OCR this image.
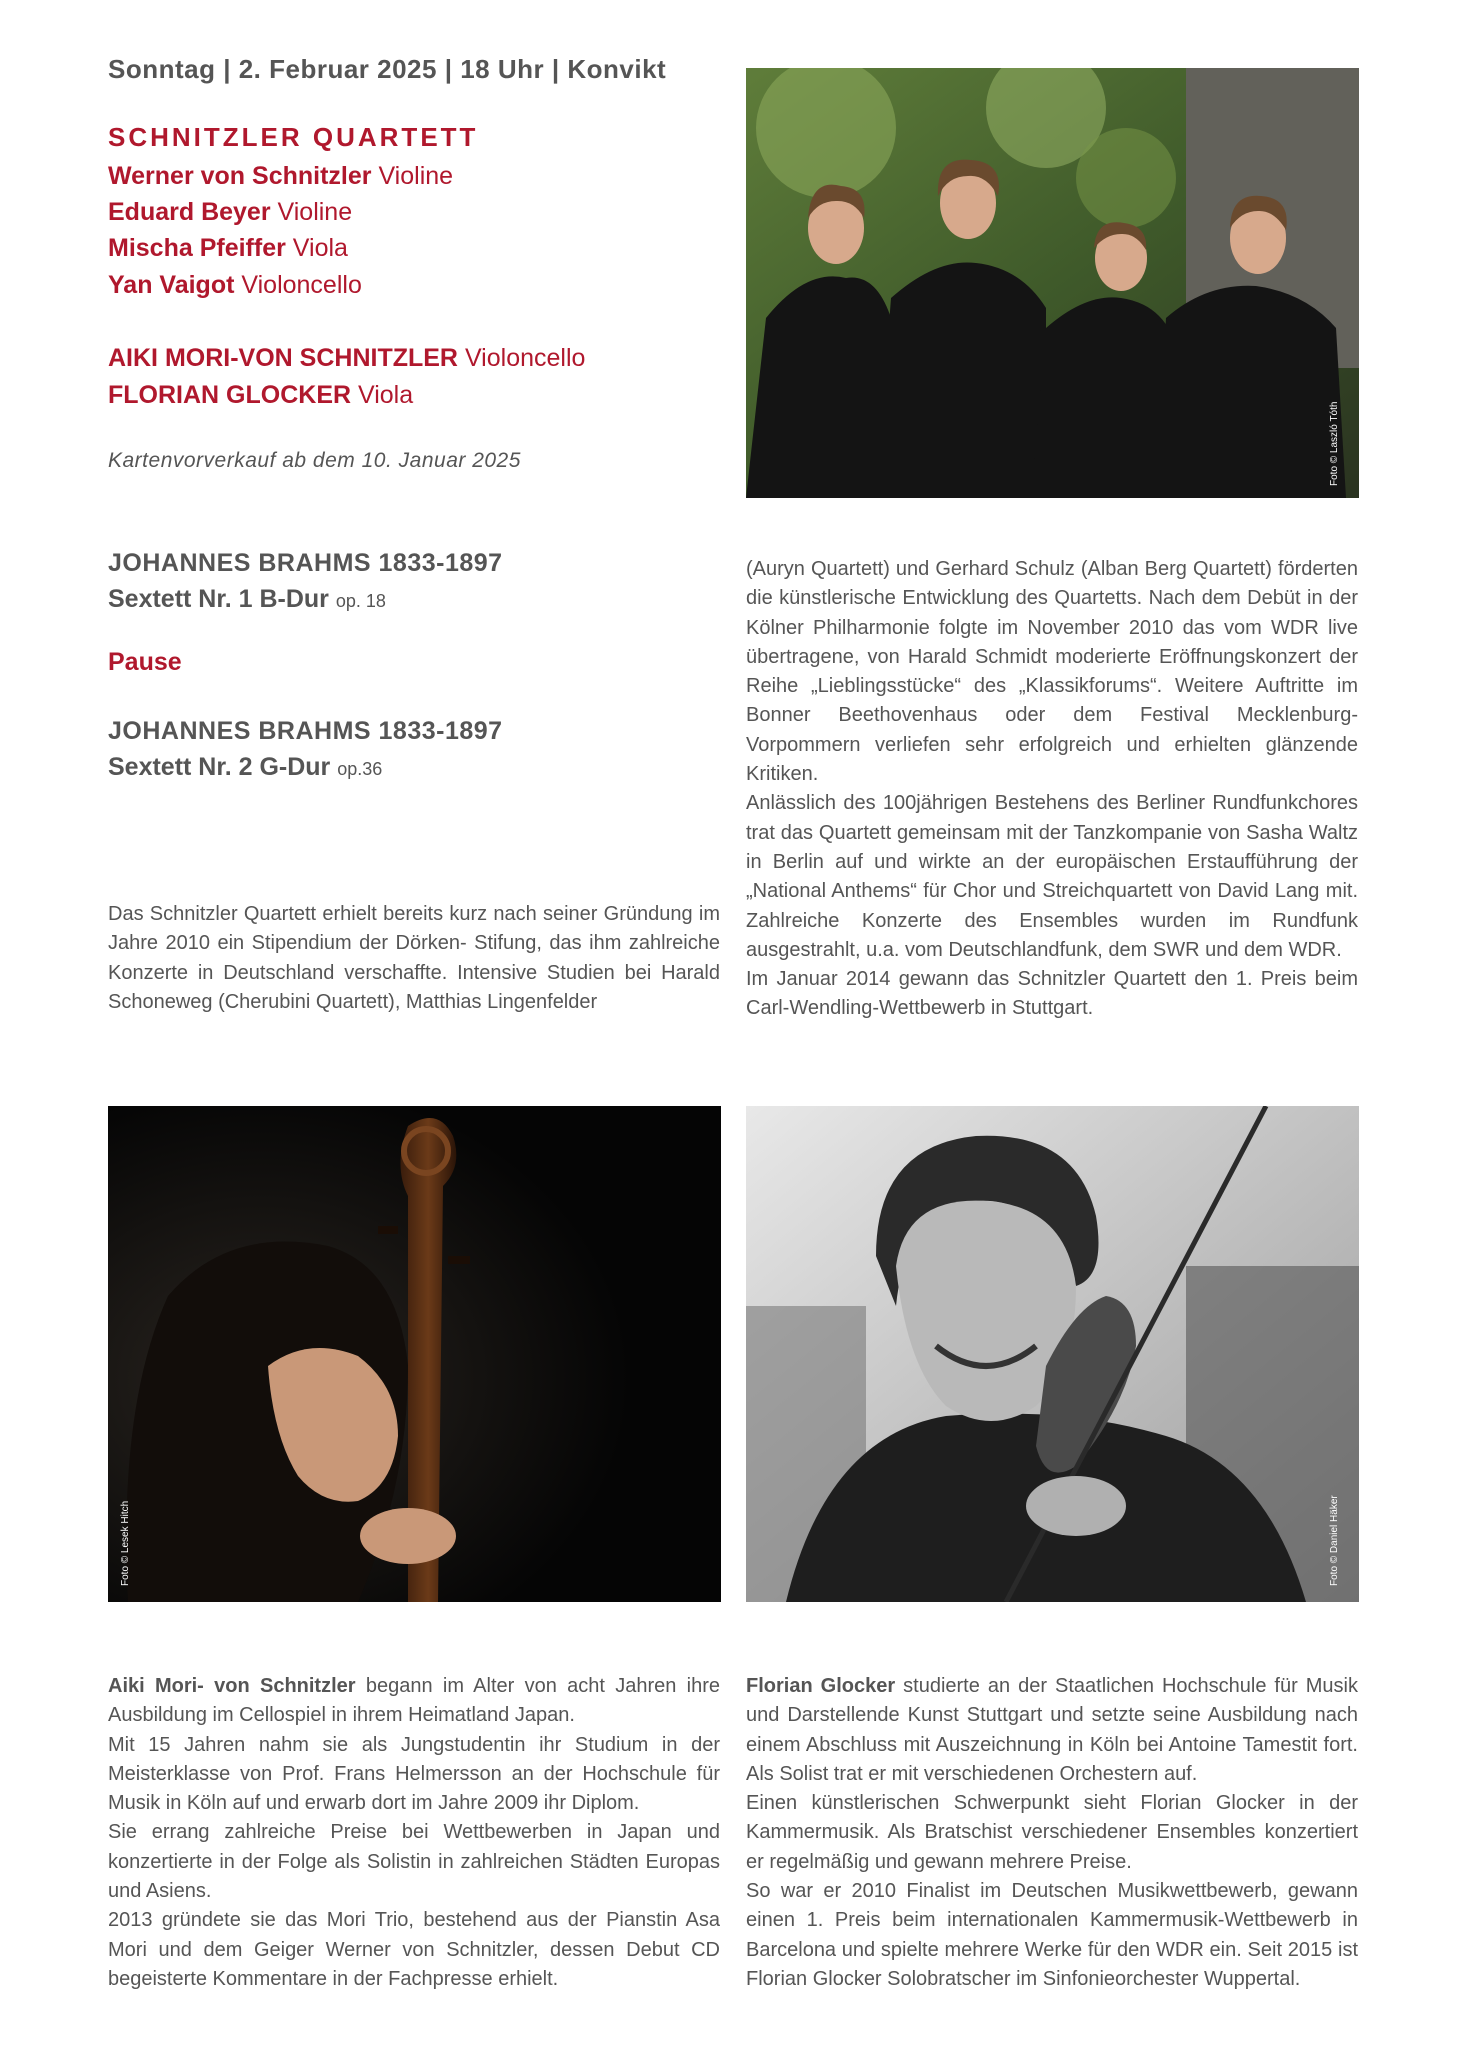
Sonntag | 2. Februar 2025 | 18 Uhr | Konvikt
SCHNITZLER QUARTETT
Werner von Schnitzler Violine
Eduard Beyer Violine
Mischa Pfeiffer Viola
Yan Vaigot Violoncello
AIKI MORI-VON SCHNITZLER Violoncello
FLORIAN GLOCKER Viola
Kartenvorverkauf ab dem 10. Januar 2025
JOHANNES BRAHMS 1833-1897
Sextett Nr. 1 B-Dur op. 18
Pause
JOHANNES BRAHMS 1833-1897
Sextett Nr. 2 G-Dur op.36
Foto © Laszló Tóth

Das Schnitzler Quartett erhielt bereits kurz nach seiner Gründung im Jahre 2010 ein Stipendium der Dörken- Stifung, das ihm zahlreiche Konzerte in Deutschland verschaffte. Intensive Studien bei Harald Schoneweg (Cherubini Quartett), Matthias Lingenfelder

(Auryn Quartett) und Gerhard Schulz (Alban Berg Quartett) förderten die künstlerische Entwicklung des Quartetts. Nach dem Debüt in der Kölner Philharmonie folgte im November 2010 das vom WDR live übertragene, von Harald Schmidt moderierte Eröffnungskonzert der Reihe „Lieblingsstücke“ des „Klassikforums“. Weitere Auftritte im Bonner Beethovenhaus oder dem Festival Mecklenburg-Vorpommern verliefen sehr erfolgreich und erhielten glänzende Kritiken.

Anlässlich des 100jährigen Bestehens des Berliner Rundfunkchores trat das Quartett gemeinsam mit der Tanzkompanie von Sasha Waltz in Berlin auf und wirkte an der europäischen Erstaufführung der „National Anthems“ für Chor und Streichquartett von David Lang mit. Zahlreiche Konzerte des Ensembles wurden im Rundfunk ausgestrahlt, u.a. vom Deutschlandfunk, dem SWR und dem WDR.

Im Januar 2014 gewann das Schnitzler Quartett den 1. Preis beim Carl-Wendling-Wettbewerb in Stuttgart.

Foto © Lesek Hitch	Foto © Daniel Häker

Aiki Mori- von Schnitzler begann im Alter von acht Jahren ihre Ausbildung im Cellospiel in ihrem Heimatland Japan.

Mit 15 Jahren nahm sie als Jungstudentin ihr Studium in der Meisterklasse von Prof. Frans Helmersson an der Hochschule für Musik in Köln auf und erwarb dort im Jahre 2009 ihr Diplom.

Sie errang zahlreiche Preise bei Wettbewerben in Japan und konzertierte in der Folge als Solistin in zahlreichen Städten Europas und Asiens.

2013 gründete sie das Mori Trio, bestehend aus der Pianstin Asa Mori und dem Geiger Werner von Schnitzler, dessen Debut CD begeisterte Kommentare in der Fachpresse erhielt.

Florian Glocker studierte an der Staatlichen Hochschule für Musik und Darstellende Kunst Stuttgart und setzte seine Ausbildung nach einem Abschluss mit Auszeichnung in Köln bei Antoine Tamestit fort. Als Solist trat er mit verschiedenen Orchestern auf.

Einen künstlerischen Schwerpunkt sieht Florian Glocker in der Kammermusik. Als Bratschist verschiedener Ensembles konzertiert er regelmäßig und gewann mehrere Preise.

So war er 2010 Finalist im Deutschen Musikwettbewerb, gewann einen 1. Preis beim internationalen Kammermusik-Wettbewerb in Barcelona und spielte mehrere Werke für den WDR ein. Seit 2015 ist Florian Glocker Solobratscher im Sinfonieorchester Wuppertal.
